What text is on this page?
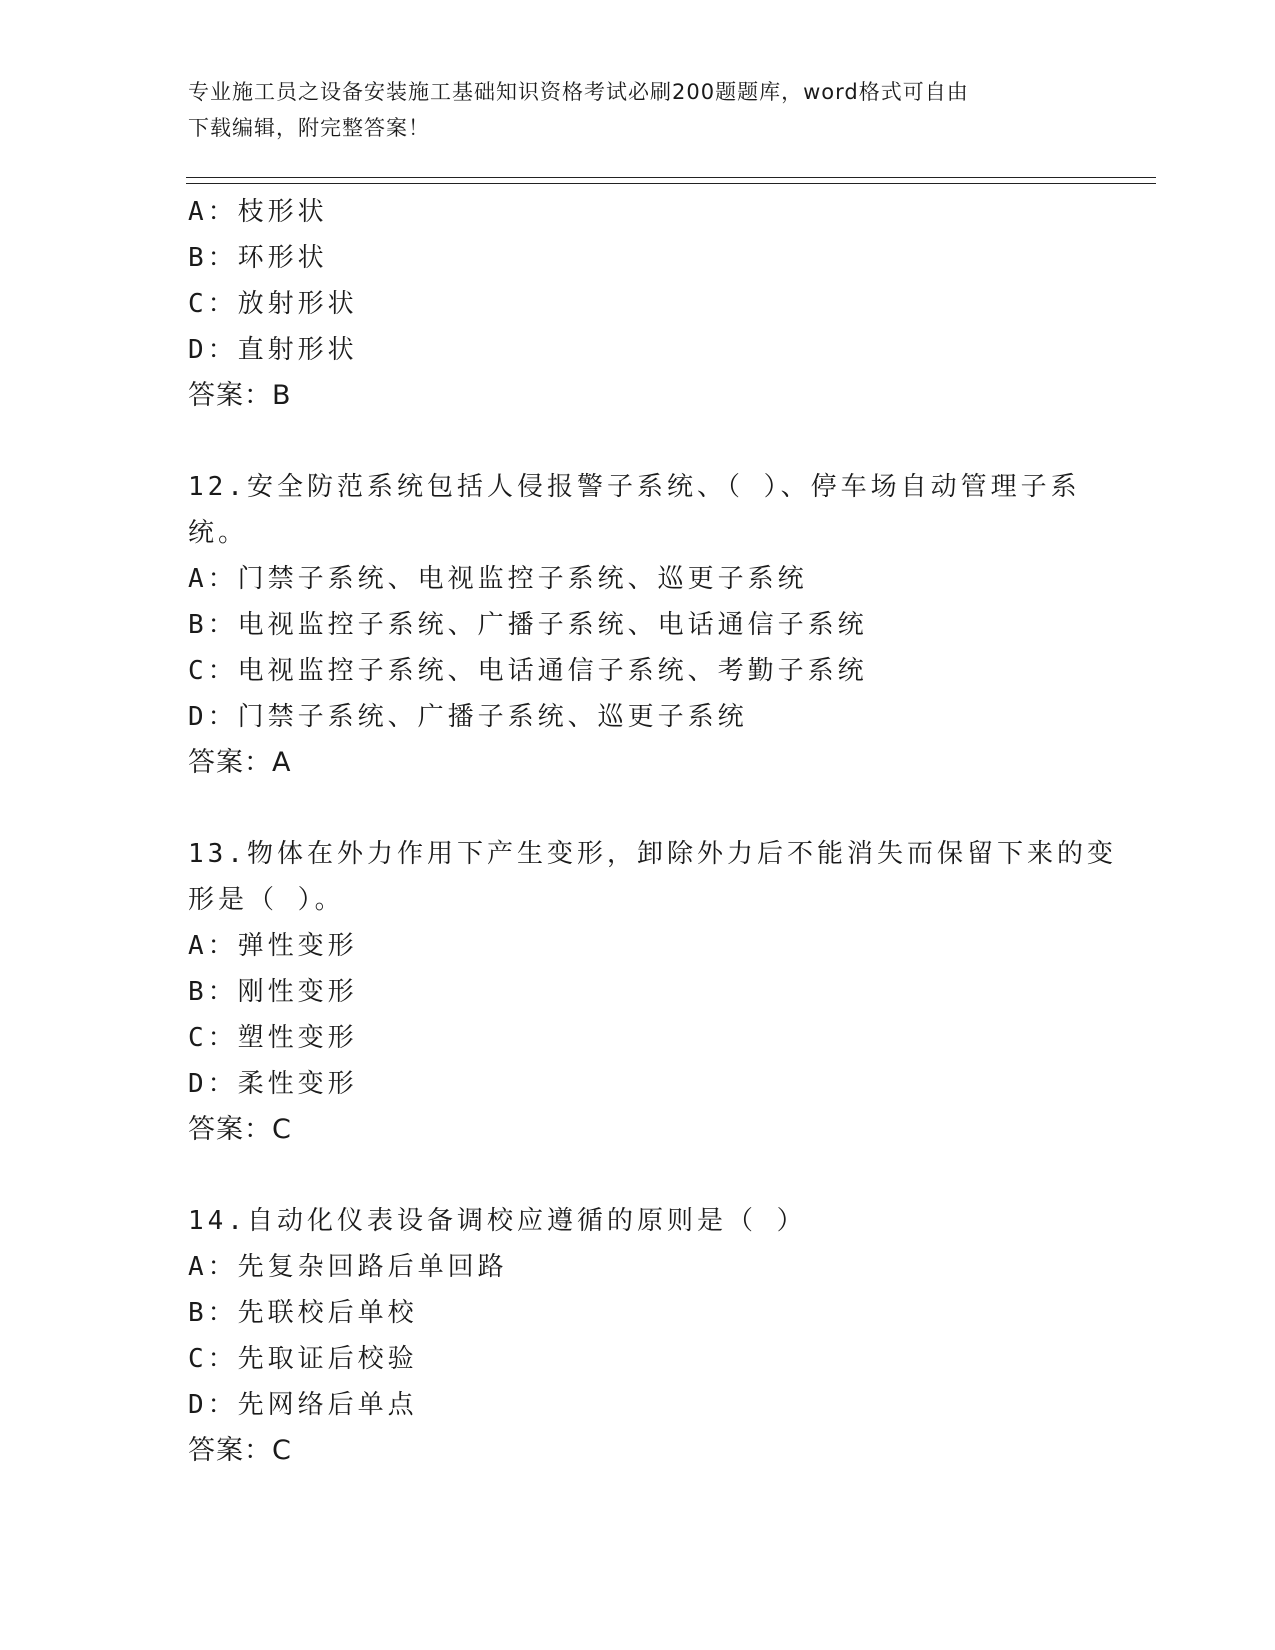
专业施工员之设备安装施工基础知识资格考试必刷200题题库，word格式可自由
下载编辑，附完整答案！
A：枝形状
B：环形状
C：放射形状
D：直射形状
答案：B
12.安全防范系统包括人侵报警子系统、（ ）、停车场自动管理子系
统。
A：门禁子系统、电视监控子系统、巡更子系统
B：电视监控子系统、广播子系统、电话通信子系统
C：电视监控子系统、电话通信子系统、考勤子系统
D：门禁子系统、广播子系统、巡更子系统
答案：A
13.物体在外力作用下产生变形，卸除外力后不能消失而保留下来的变
形是（ ）。
A：弹性变形
B：刚性变形
C：塑性变形
D：柔性变形
答案：C
14.自动化仪表设备调校应遵循的原则是（ ）
A：先复杂回路后单回路
B：先联校后单校
C：先取证后校验
D：先网络后单点
答案：C
